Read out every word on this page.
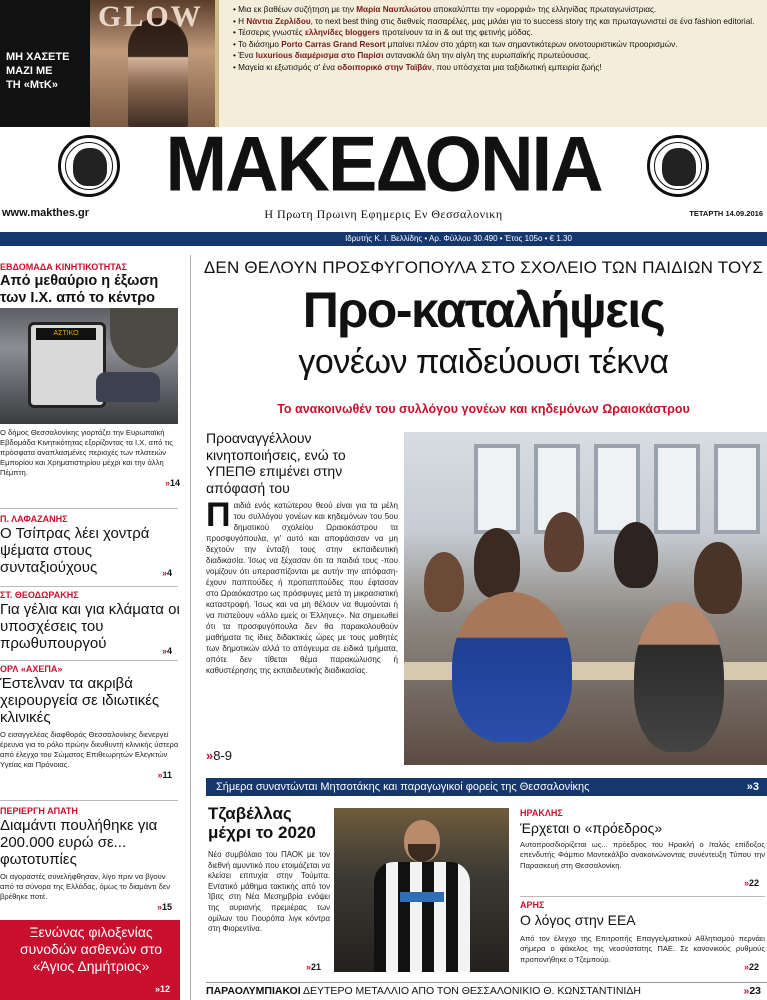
ΜΗ ΧΑΣΕΤΕ
ΜΑΖΙ ΜΕ
ΤΗ «ΜτΚ»
GLOW	• Μια εκ βαθέων συζήτηση με την Μαρία Ναυπλιώτου αποκαλύπτει την «ομορφιά» της ελληνίδας πρωταγωνίστριας.
• Η Νάντια Ζερλίδου, το next best thing στις διεθνείς πασαρέλες, μας μιλάει για το success story της και πρωταγωνιστεί σε ένα fashion editorial.
• Τέσσερις γνωστές ελληνίδες bloggers προτείνουν τα in & out της φετινής μόδας.
• Το διάσημο Porto Carras Grand Resort μπαίνει πλέον στο χάρτη και των σημαντικότερων οινοτουριστικών προορισμών.
• Ένα luxurious διαμέρισμα στο Παρίσι αντανακλά όλη την αίγλη της ευρωπαϊκής πρωτεύουσας.
• Μαγεία κι εξωτισμός σ' ένα οδοιπορικό στην Ταϊβάν, που υπόσχεται μια ταξιδιωτική εμπειρία ζωής!
ΜΑΚΕΔΟΝΙΑ
www.makthes.gr	Η Πρωτη Πρωινη Εφημερις Εν Θεσσαλονικη	ΤΕΤΑΡΤΗ 14.09.2016
Ιδρυτής Κ. Ι. Βελλίδης • Αρ. Φύλλου 30.490 • Έτος 105ο • € 1.30
ΕΒΔΟΜΑΔΑ ΚΙΝΗΤΙΚΟΤΗΤΑΣ
Από μεθαύριο η έξωση των Ι.Χ. από το κέντρο
ΑΣΤΙΚΟ
Ο δήμος Θεσσαλονίκης γιορτάζει την Ευρωπαϊκή Εβδομάδα Κινητικότητας εξορίζοντας τα Ι.Χ. από τις πρόσφατα αναπλασμένες περιοχές των πλατειών Εμπορίου και Χρηματιστηρίου μέχρι και την άλλη Πέμπτη.
»14
Π. ΛΑΦΑΖΑΝΗΣ
Ο Τσίπρας λέει χοντρά ψέματα στους συνταξιούχους	»4
ΣΤ. ΘΕΟΔΩΡΑΚΗΣ
Για γέλια και για κλάματα οι υποσχέσεις του πρωθυπουργού	»4
ΟΡΛ «ΑΧΕΠΑ»
Έστελναν τα ακριβά χειρουργεία σε ιδιωτικές κλινικές
Ο εισαγγελέας διαφθοράς Θεσσαλονίκης διενεργεί έρευνα για το ρόλο πρώην διευθυντή κλινικής ύστερα από έλεγχο του Σώματος Επιθεωρητών Ελεγκτών Υγείας και Πρόνοιας.
»11
ΠΕΡΙΕΡΓΗ ΑΠΑΤΗ
Διαμάντι πουλήθηκε για 200.000 ευρώ σε... φωτοτυπίες
Οι αγοραστές συνελήφθησαν, λίγο πριν να βγουν από τα σύνορα της Ελλάδας, όμως το διαμάντι δεν βρέθηκε ποτέ.
»15
Ξενώνας φιλοξενίας συνοδών ασθενών στο «Άγιος Δημήτριος»
»12
ΔΕΝ ΘΕΛΟΥΝ ΠΡΟΣΦΥΓΟΠΟΥΛΑ ΣΤΟ ΣΧΟΛΕΙΟ ΤΩΝ ΠΑΙΔΙΩΝ ΤΟΥΣ
Προ-καταλήψεις
γονέων παιδεύουσι τέκνα
Το ανακοινωθέν του συλλόγου γονέων και κηδεμόνων Ωραιοκάστρου
Προαναγγέλλουν κινητοποιήσεις, ενώ το ΥΠΕΠΘ επιμένει στην απόφασή του
Παιδιά ενός κατώτερου θεού είναι για τα μέλη του συλλόγου γονέων και κηδεμόνων του 5ου δημοτικού σχολείου Ωραιοκάστρου τα προσφυγόπουλα, γι' αυτό και αποφάσισαν να μη δεχτούν την ένταξή τους στην εκπαιδευτική διαδικασία. Ίσως να ξέχασαν ότι τα παιδιά τους -που νομίζουν ότι υπερασπίζονται με αυτήν την απόφαση- έχουν παππούδες ή προπαππούδες που έφτασαν στο Ωραιόκαστρο ως πρόσφυγες μετά τη μικρασιατική καταστροφή. Ίσως και να μη θέλουν να θυμούνται ή να πιστεύουν «άλλο εμείς οι Έλληνες». Να σημειωθεί ότι τα προσφυγόπουλα δεν θα παρακολουθούν μαθήματα τις ίδιες διδακτικές ώρες με τους μαθητές των δημοτικών αλλά το απόγευμα σε ειδικά τμήματα, οπότε δεν τίθεται θέμα παρακώλυσης ή καθυστέρησης της εκπαιδευτικής διαδικασίας.
»8-9
Σήμερα συναντώνται Μητσοτάκης και παραγωγικοί φορείς της Θεσσαλονίκης	»3
Τζαβέλλας μέχρι το 2020
Νέο συμβόλαιο του ΠΑΟΚ με τον διεθνή αμυντικό που ετοιμάζεται να κλείσει επιτυχία στην Τούμπα. Εντατικό μάθημα τακτικής από τον Ίβιτς στη Νέα Μεσημβρία ενόψει της αυριανής πρεμιέρας των ομίλων του Γιουρόπα λιγκ κόντρα στη Φιορεντίνα.
»21
ΗΡΑΚΛΗΣ
Έρχεται ο «πρόεδρος»
Αυτοπροσδιορίζεται ως... πρόεδρος του Ηρακλή ο Ιταλός επίδοξος επενδυτής Φάμπιο Μοντεκάλβο ανακοινώνοντας συνέντευξη Τύπου την Παρασκευή στη Θεσσαλονίκη.
»22
ΑΡΗΣ
Ο λόγος στην ΕΕΑ
Από τον έλεγχο της Επιτροπής Επαγγελματικού Αθλητισμού περνάει σήμερα ο φάκελος της νεοσύστατης ΠΑΕ. Σε κανονικούς ρυθμούς προπονήθηκε ο Τζεμπούρ.
»22
ΠΑΡΑΟΛΥΜΠΙΑΚΟΙ ΔΕΥΤΕΡΟ ΜΕΤΑΛΛΙΟ ΑΠΟ ΤΟΝ ΘΕΣΣΑΛΟΝΙΚΙΟ Θ. ΚΩΝΣΤΑΝΤΙΝΙΔΗ	»23
